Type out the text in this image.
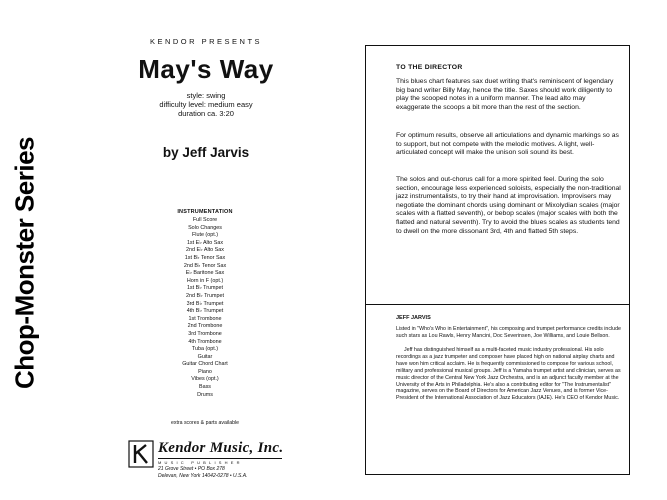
Chop-Monster Series
KENDOR PRESENTS
May's Way
style: swing
difficulty level: medium easy
duration ca. 3:20
by Jeff Jarvis
INSTRUMENTATION
Full Score
Solo Changes
Flute (opt.)
1st E♭ Alto Sax
2nd E♭ Alto Sax
1st B♭ Tenor Sax
2nd B♭ Tenor Sax
E♭ Baritone Sax
Horn in F (opt.)
1st B♭ Trumpet
2nd B♭ Trumpet
3rd B♭ Trumpet
4th B♭ Trumpet
1st Trombone
2nd Trombone
3rd Trombone
4th Trombone
Tuba (opt.)
Guitar
Guitar Chord Chart
Piano
Vibes (opt.)
Bass
Drums
extra scores & parts available
Kendor Music, Inc.
MUSIC PUBLISHER
21 Grove Street • PO Box 278
Delevan, New York 14042-0278 • U.S.A.
TO THE DIRECTOR

This blues chart features sax duet writing that's reminiscent of legendary big band writer Billy May, hence the title. Saxes should work diligently to play the scooped notes in a uniform manner. The lead alto may exaggerate the scoops a bit more than the rest of the section.

For optimum results, observe all articulations and dynamic markings so as to support, but not compete with the melodic motives. A light, well-articulated concept will make the unison soli sound its best.

The solos and out-chorus call for a more spirited feel. During the solo section, encourage less experienced soloists, especially the non-traditional jazz instrumentalists, to try their hand at improvisation. Improvisers may negotiate the dominant chords using dominant or Mixolydian scales (major scales with a flatted seventh), or bebop scales (major scales with both the flatted and natural seventh). Try to avoid the blues scales as students tend to dwell on the more dissonant 3rd, 4th and flatted 5th steps.

JEFF JARVIS

Listed in "Who's Who in Entertainment", his composing and trumpet performance credits include such stars as Lou Rawls, Henry Mancini, Doc Severinsen, Joe Williams, and Louie Bellson.

Jeff has distinguished himself as a multi-faceted music industry professional. His solo recordings as a jazz trumpeter and composer have placed high on national airplay charts and have won him critical acclaim. He is frequently commissioned to compose for various school, military and professional musical groups. Jeff is a Yamaha trumpet artist and clinician, serves as music director of the Central New York Jazz Orchestra, and is an adjunct faculty member at the University of the Arts in Philadelphia. He's also a contributing editor for "The Instrumentalist" magazine, serves on the Board of Directors for American Jazz Venues, and is former Vice-President of the International Association of Jazz Educators (IAJE). He's CEO of Kendor Music.
